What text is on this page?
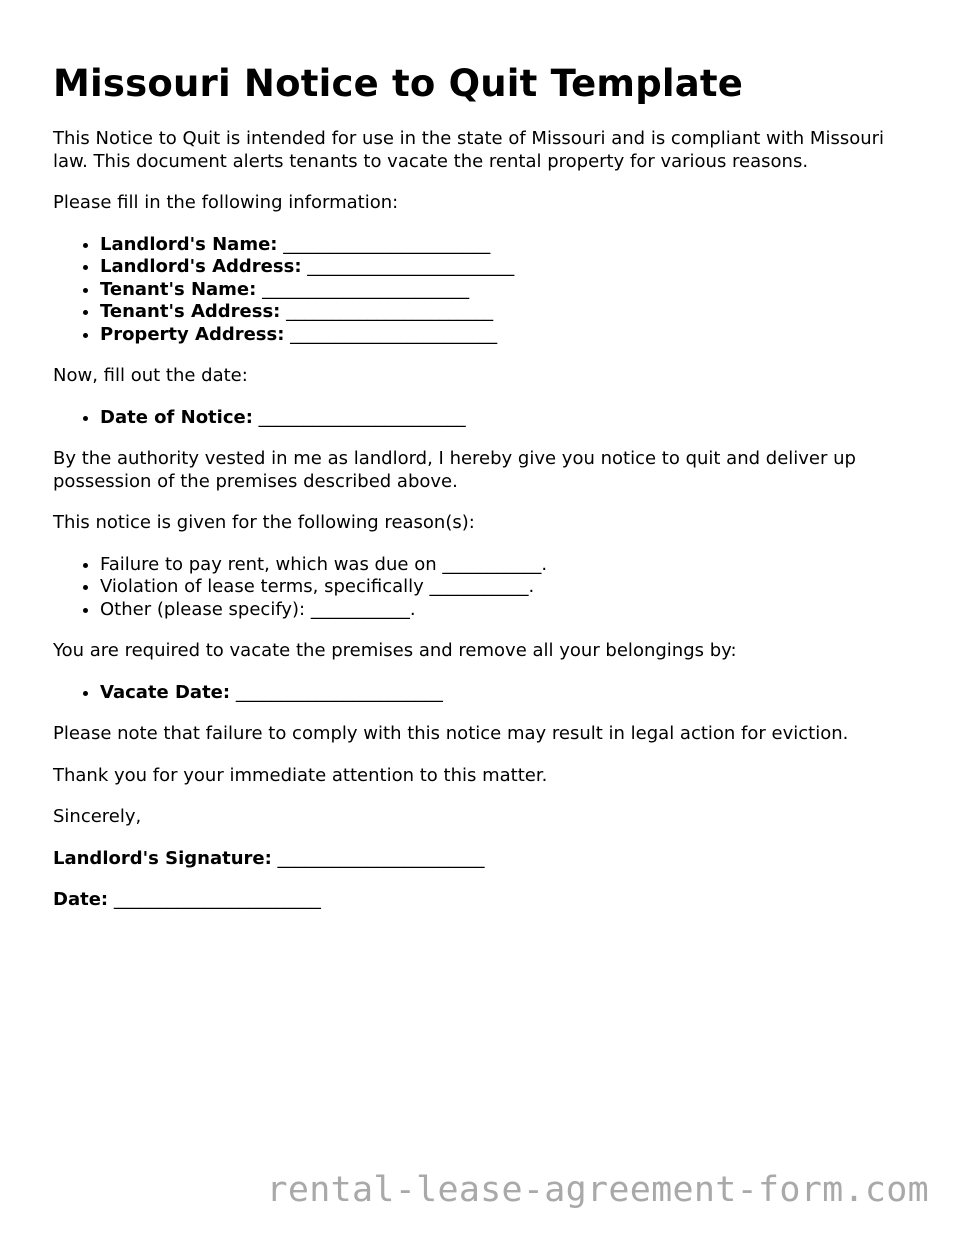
Missouri Notice to Quit Template

This Notice to Quit is intended for use in the state of Missouri and is compliant with Missouri law. This document alerts tenants to vacate the rental property for various reasons.

Please fill in the following information:

• Landlord's Name: _______________________
• Landlord's Address: _______________________
• Tenant's Name: _______________________
• Tenant's Address: _______________________
• Property Address: _______________________

Now, fill out the date:

• Date of Notice: _______________________

By the authority vested in me as landlord, I hereby give you notice to quit and deliver up possession of the premises described above.

This notice is given for the following reason(s):

• Failure to pay rent, which was due on ___________.
• Violation of lease terms, specifically ___________.
• Other (please specify): ___________.

You are required to vacate the premises and remove all your belongings by:

• Vacate Date: _______________________

Please note that failure to comply with this notice may result in legal action for eviction.

Thank you for your immediate attention to this matter.

Sincerely,

Landlord's Signature: _______________________

Date: _______________________

rental-lease-agreement-form.com
